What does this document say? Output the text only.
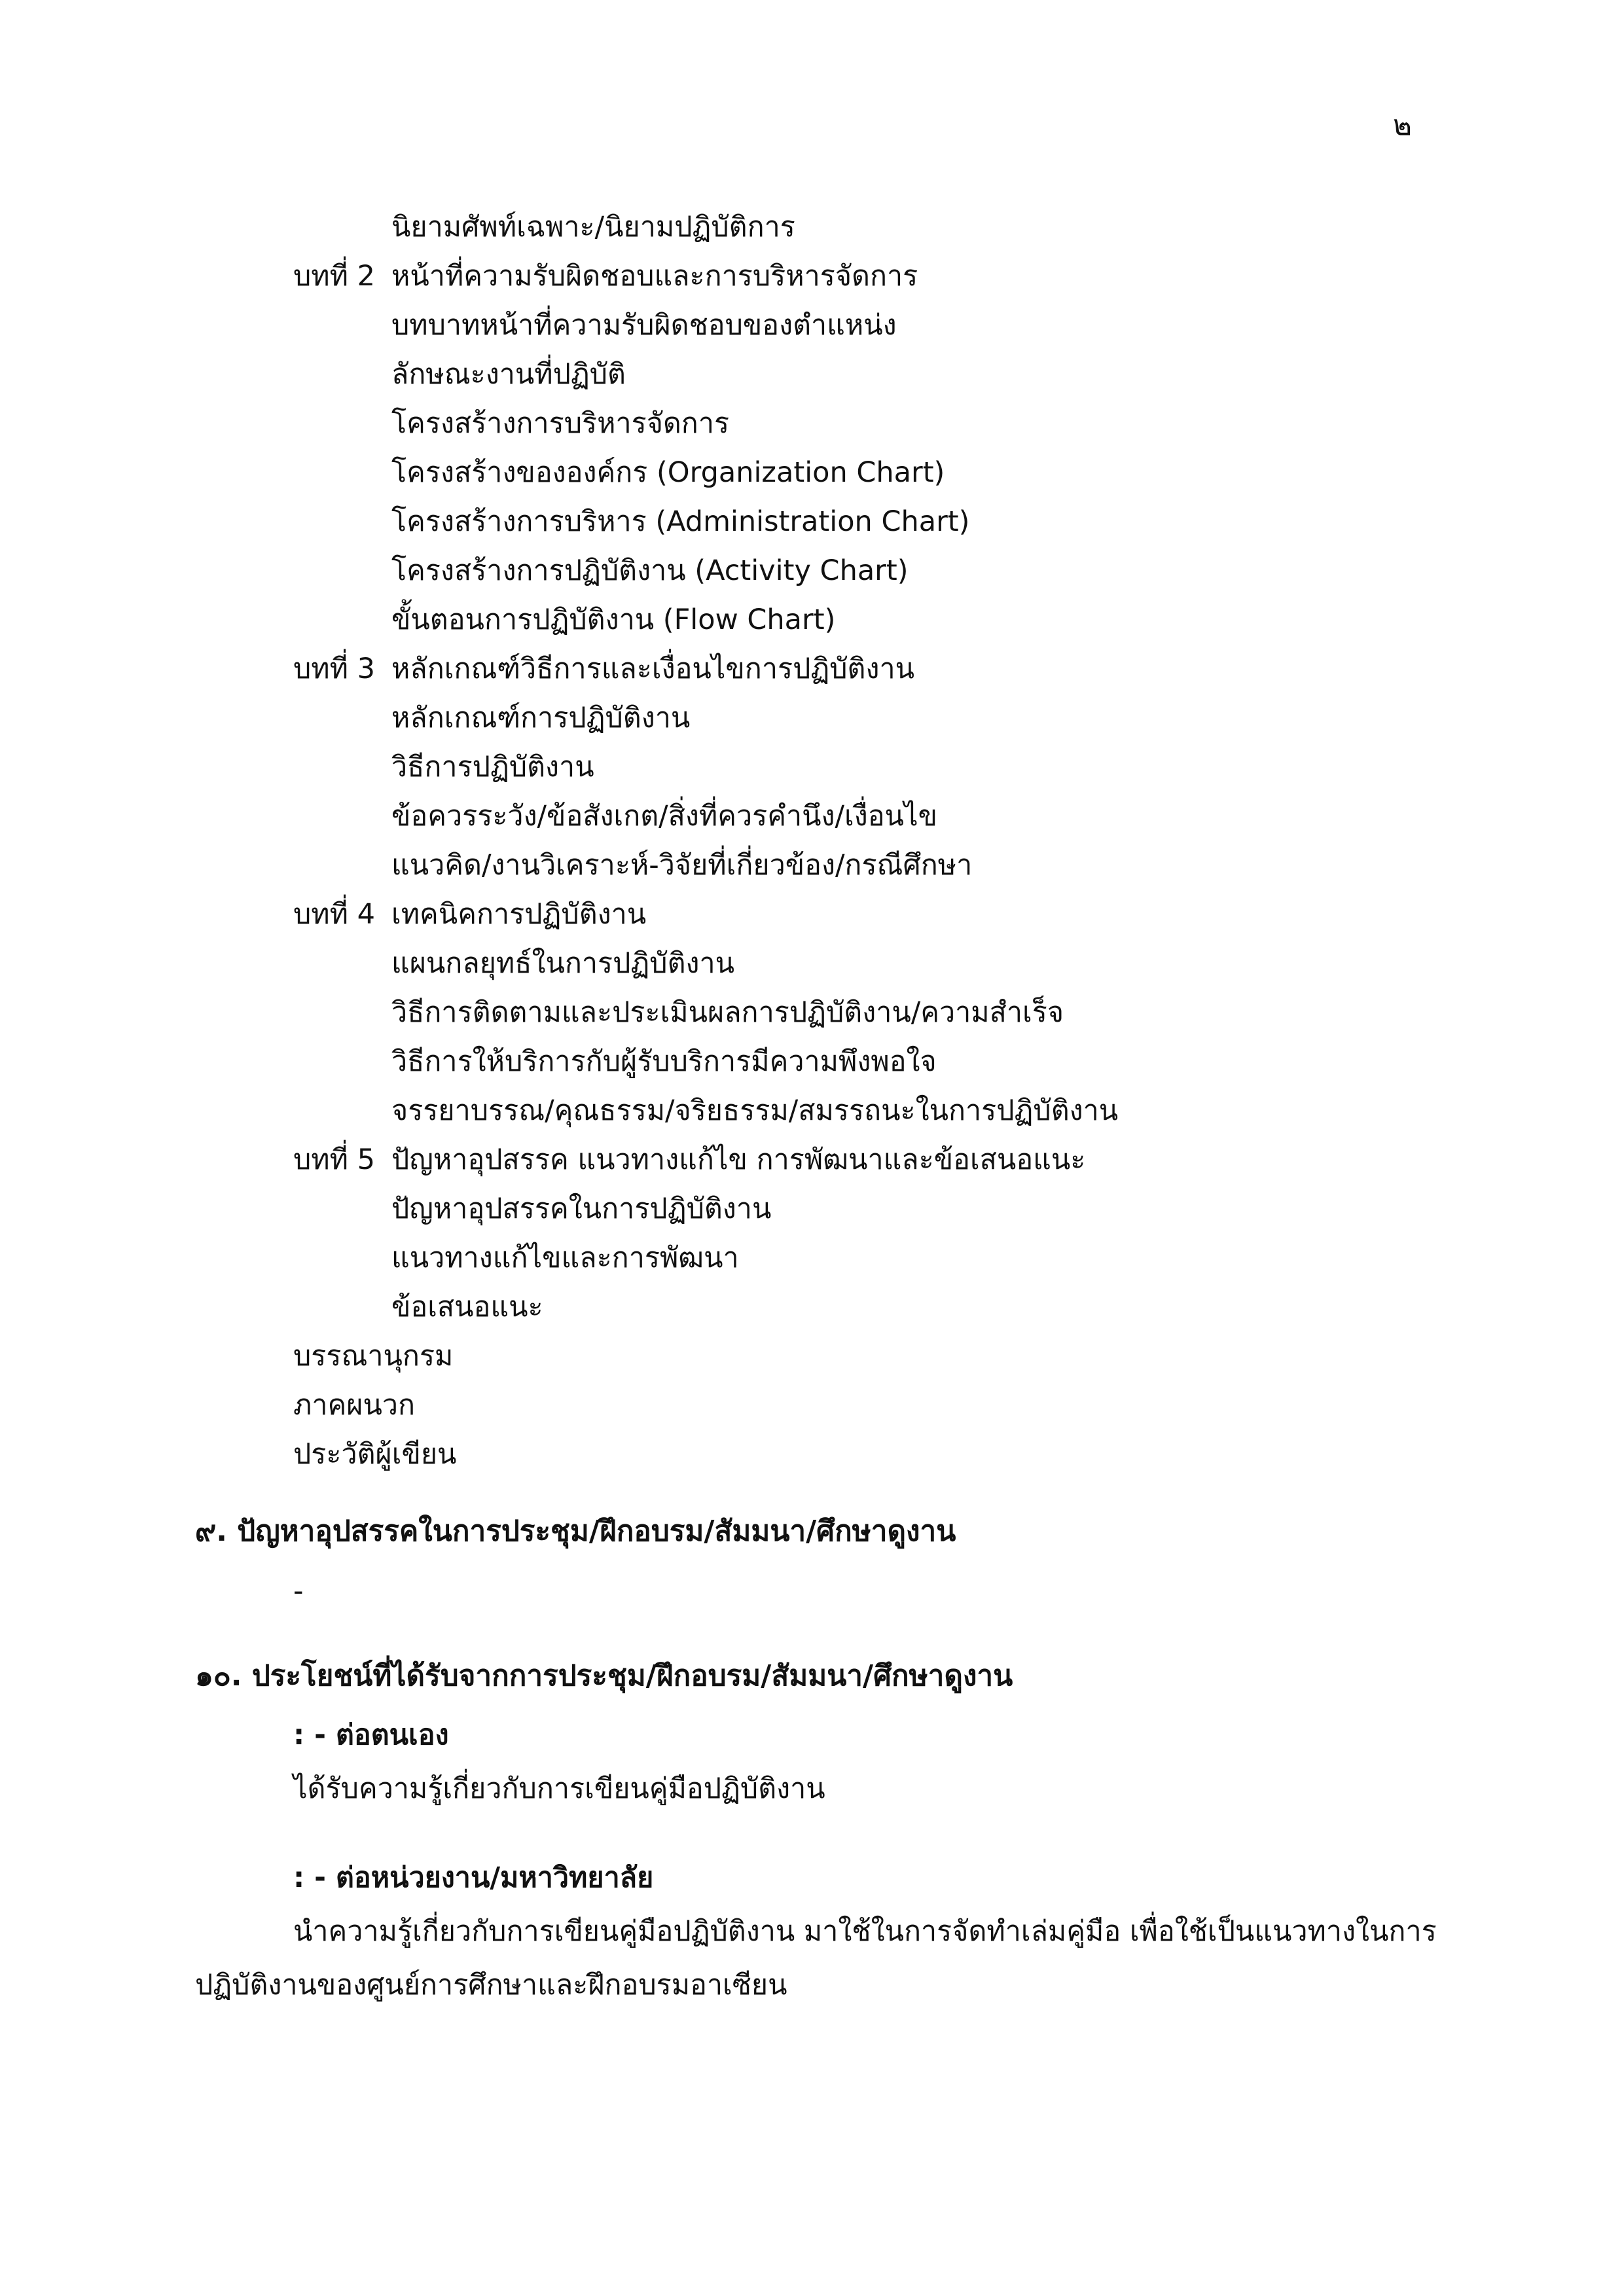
๒
นิยามศัพท์เฉพาะ/นิยามปฏิบัติการ
บทที่ 2 หน้าที่ความรับผิดชอบและการบริหารจัดการ
บทบาทหน้าที่ความรับผิดชอบของตำแหน่ง
ลักษณะงานที่ปฏิบัติ
โครงสร้างการบริหารจัดการ
โครงสร้างขององค์กร (Organization Chart)
โครงสร้างการบริหาร (Administration Chart)
โครงสร้างการปฏิบัติงาน (Activity Chart)
ขั้นตอนการปฏิบัติงาน (Flow Chart)
บทที่ 3 หลักเกณฑ์วิธีการและเงื่อนไขการปฏิบัติงาน
หลักเกณฑ์การปฏิบัติงาน
วิธีการปฏิบัติงาน
ข้อควรระวัง/ข้อสังเกต/สิ่งที่ควรคำนึง/เงื่อนไข
แนวคิด/งานวิเคราะห์-วิจัยที่เกี่ยวข้อง/กรณีศึกษา
บทที่ 4 เทคนิคการปฏิบัติงาน
แผนกลยุทธ์ในการปฏิบัติงาน
วิธีการติดตามและประเมินผลการปฏิบัติงาน/ความสำเร็จ
วิธีการให้บริการกับผู้รับบริการมีความพึงพอใจ
จรรยาบรรณ/คุณธรรม/จริยธรรม/สมรรถนะในการปฏิบัติงาน
บทที่ 5 ปัญหาอุปสรรค แนวทางแก้ไข การพัฒนาและข้อเสนอแนะ
ปัญหาอุปสรรคในการปฏิบัติงาน
แนวทางแก้ไขและการพัฒนา
ข้อเสนอแนะ
บรรณานุกรม
ภาคผนวก
ประวัติผู้เขียน
๙. ปัญหาอุปสรรคในการประชุม/ฝึกอบรม/สัมมนา/ศึกษาดูงาน
-
๑๐. ประโยชน์ที่ได้รับจากการประชุม/ฝึกอบรม/สัมมนา/ศึกษาดูงาน
: - ต่อตนเอง
ได้รับความรู้เกี่ยวกับการเขียนคู่มือปฏิบัติงาน
: - ต่อหน่วยงาน/มหาวิทยาลัย
นำความรู้เกี่ยวกับการเขียนคู่มือปฏิบัติงาน มาใช้ในการจัดทำเล่มคู่มือ เพื่อใช้เป็นแนวทางในการ
ปฏิบัติงานของศูนย์การศึกษาและฝึกอบรมอาเซียน
